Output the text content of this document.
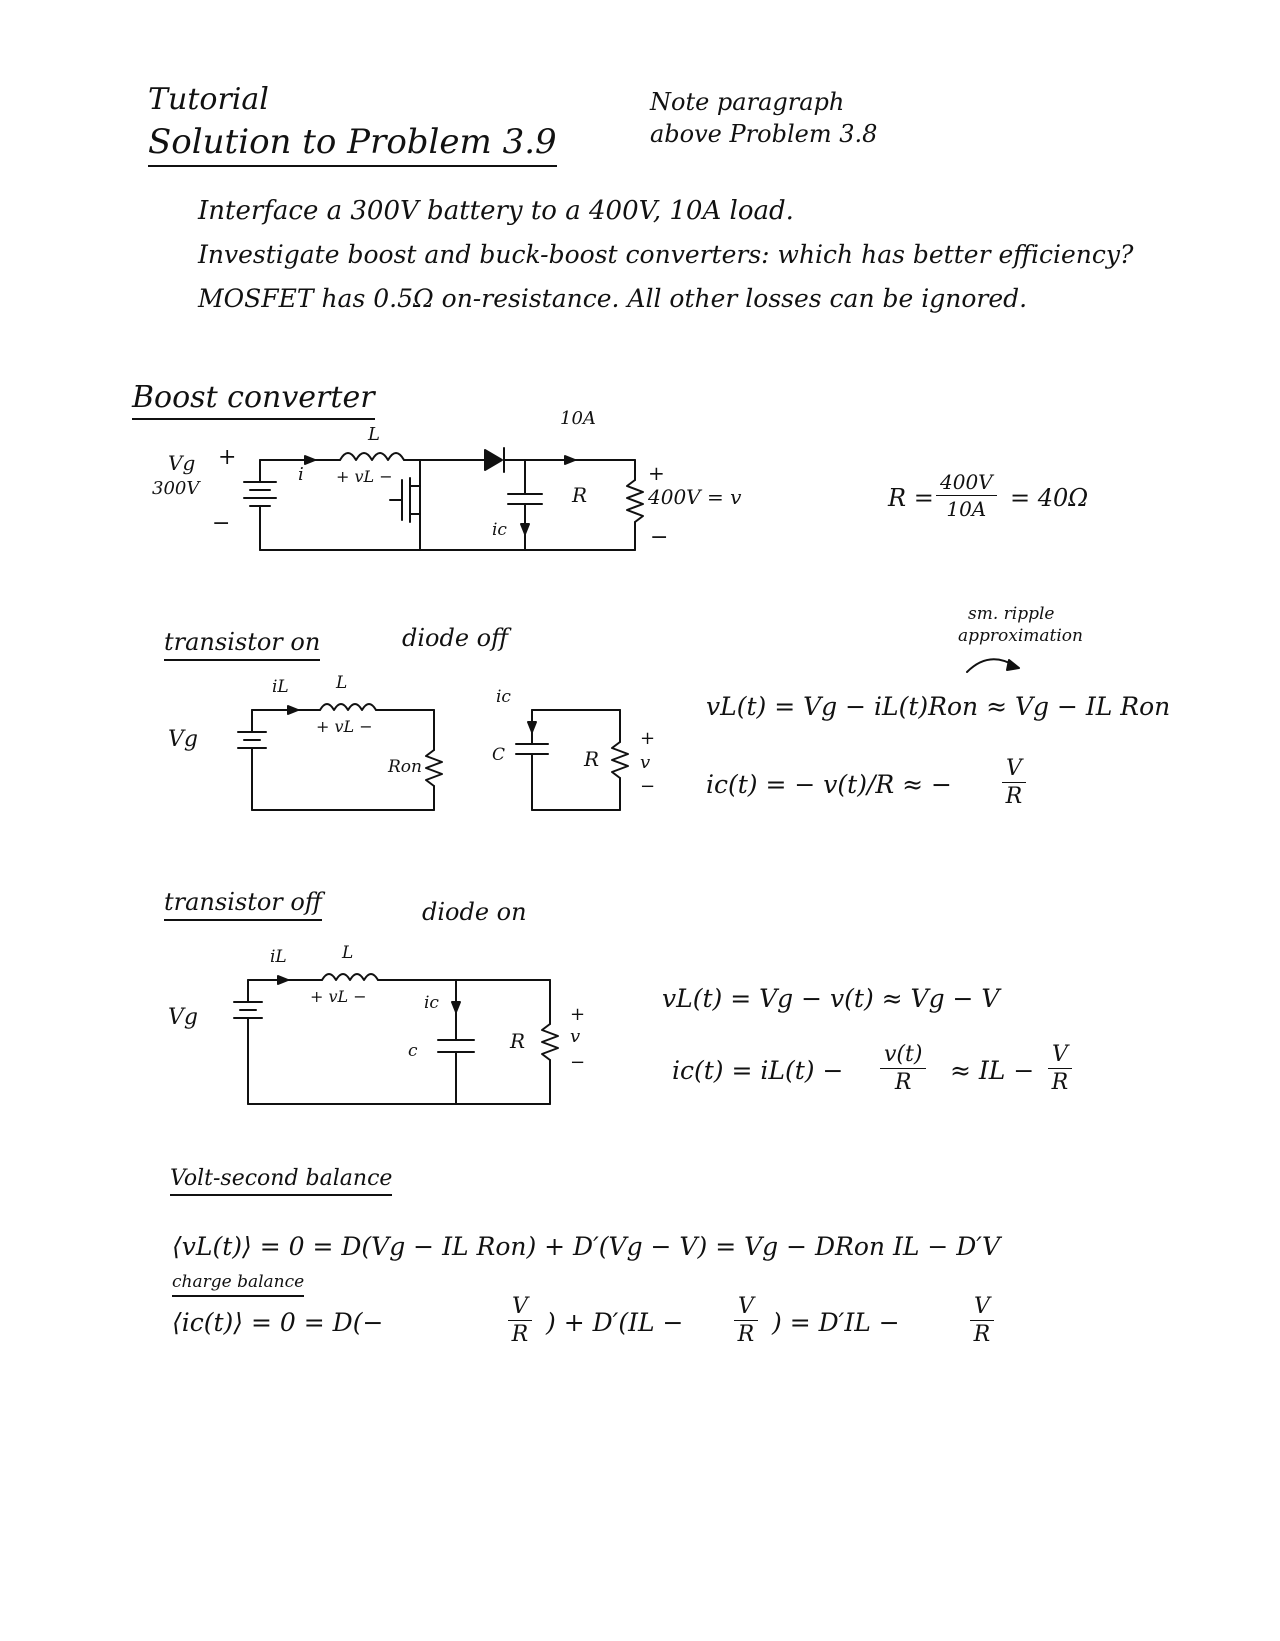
Tutorial
Solution to Problem 3.9
Note paragraph
above Problem 3.8
Interface a 300V battery to a 400V, 10A load.
Investigate boost and buck-boost converters: which has better efficiency?
MOSFET has 0.5Ω on-resistance. All other losses can be ignored.
Boost converter
L
i + vL −
Vg
300V
+
−
10A
R
ic
+
400V = v
−
$R = \frac{400V}{10A} = 40\Omega$
transistor on	diode off
sm. ripple
approximation
iL	L
+ vL −
Vg
Ron
ic
C	R
+
v
−
vL(t) = Vg − iL(t)Ron ≈ Vg − IL Ron
ic(t) = − v(t)/R ≈ − $\frac{V}{R}$
transistor off	diode on
iL	L
+ vL −
Vg
ic
c	R
+
v
−
vL(t) = Vg − v(t) ≈ Vg − V
$ic(t) = iL(t) - \frac{v(t)}{R}$ ≈ IL − $\frac{V}{R}$
Volt-second balance
⟨vL(t)⟩ = 0 = D(Vg − IL Ron) + D′(Vg − V) = Vg − DRon IL − D′V
charge balance
⟨ic(t)⟩ = 0 = D(−	$\frac{V}{R}$ ) + $D'(IL - \frac{V}{R}$ ) = D′IL −	$\frac{V}{R}$
